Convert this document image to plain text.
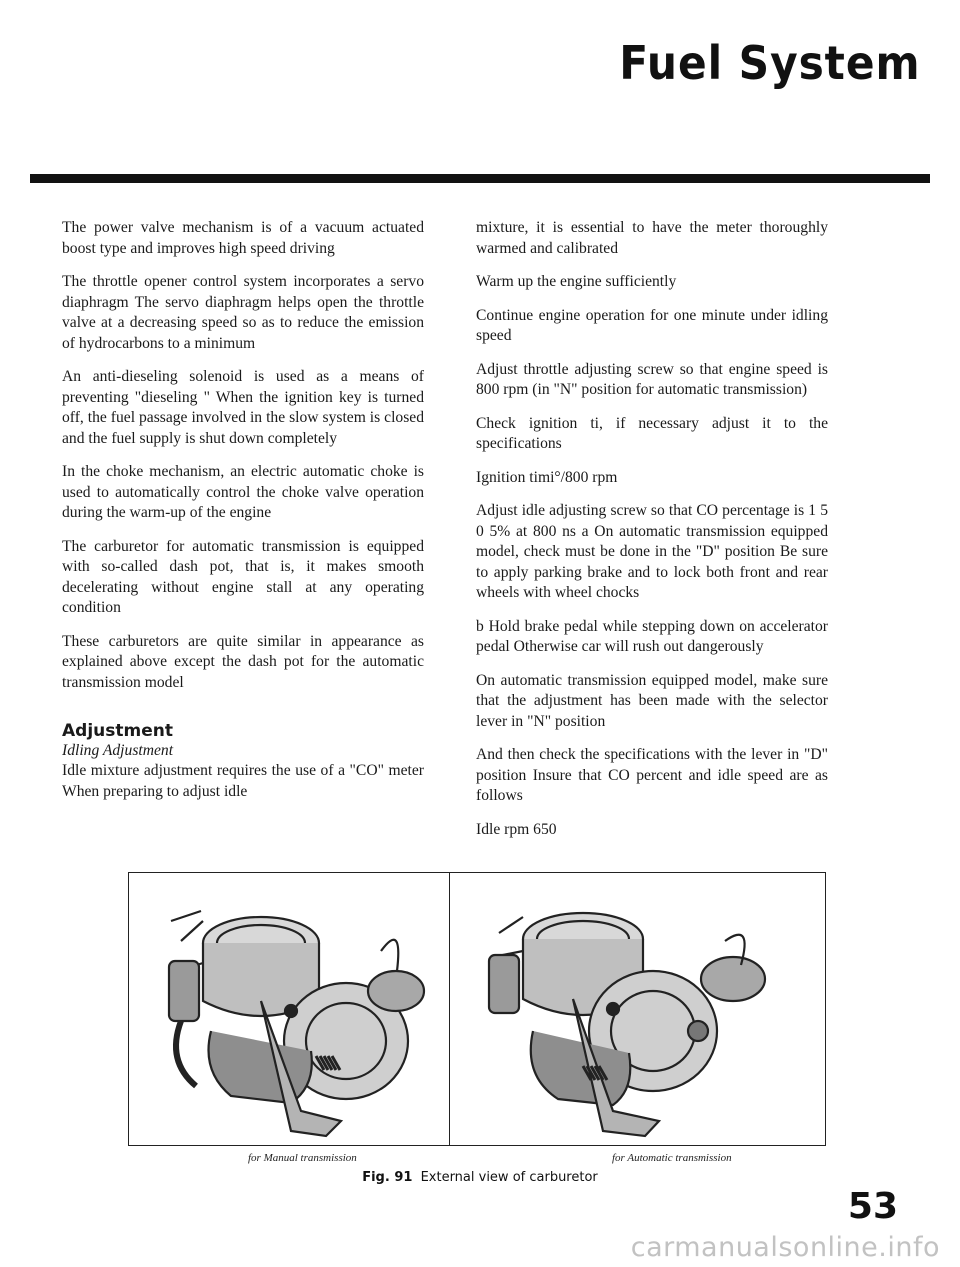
Fuel System

The power valve mechanism is of a vacuum actuated boost type and improves high speed driving

The throttle opener control system incorporates a servo diaphragm The servo diaphragm helps open the throttle valve at a decreasing speed so as to reduce the emission of hydrocarbons to a minimum

An anti-dieseling solenoid is used as a means of preventing "dieseling " When the ignition key is turned off, the fuel passage involved in the slow system is closed and the fuel supply is shut down completely

In the choke mechanism, an electric automatic choke is used to automatically control the choke valve operation during the warm-up of the engine

The carburetor for automatic transmission is equipped with so-called dash pot, that is, it makes smooth decelerating without engine stall at any operating condition

These carburetors are quite similar in appearance as explained above except the dash pot for the automatic transmission model

Adjustment
Idling Adjustment

Idle mixture adjustment requires the use of a "CO" meter When preparing to adjust idle

mixture, it is essential to have the meter thoroughly warmed and calibrated

Warm up the engine sufficiently

Continue engine operation for one minute under idling speed

Adjust throttle adjusting screw so that engine speed is 800 rpm (in "N" position for automatic transmission)

Check ignition ti, if necessary adjust it to the specifications

Ignition timi°/800 rpm

Adjust idle adjusting screw so that CO percentage is 1 5 0 5% at 800 ns a On automatic transmission equipped model, check must be done in the "D" position Be sure to apply parking brake and to lock both front and rear wheels with wheel chocks

b Hold brake pedal while stepping down on accelerator pedal Otherwise car will rush out dangerously

On automatic transmission equipped model, make sure that the adjustment has been made with the selector lever in "N" position

And then check the specifications with the lever in "D" position Insure that CO percent and idle speed are as follows

Idle rpm 650

for Manual transmission	for Automatic transmission
Fig. 91 External view of carburetor
53
carmanualsonline.info
